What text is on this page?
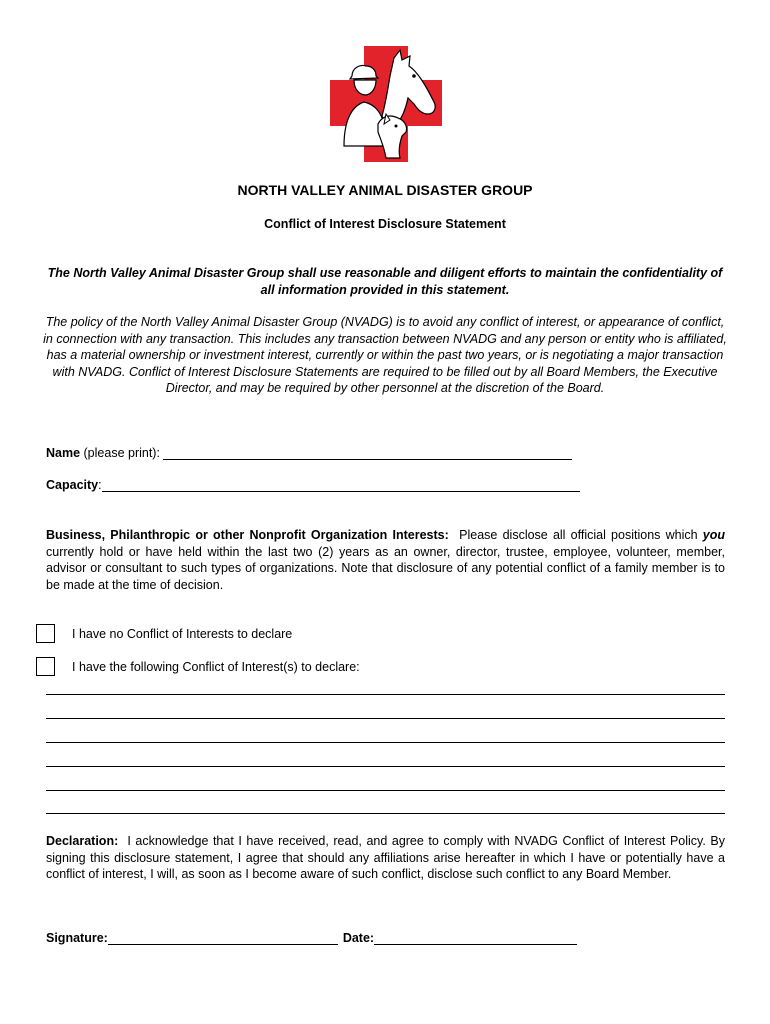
NORTH VALLEY ANIMAL DISASTER GROUP
Conflict of Interest Disclosure Statement
The North Valley Animal Disaster Group shall use reasonable and diligent efforts to maintain the confidentiality of all information provided in this statement.
The policy of the North Valley Animal Disaster Group (NVADG) is to avoid any conflict of interest, or appearance of conflict, in connection with any transaction. This includes any transaction between NVADG and any person or entity who is affiliated, has a material ownership or investment interest, currently or within the past two years, or is negotiating a major transaction with NVADG. Conflict of Interest Disclosure Statements are required to be filled out by all Board Members, the Executive Director, and may be required by other personnel at the discretion of the Board.
Name (please print):
Capacity :
Business, Philanthropic or other Nonprofit Organization Interests:  Please disclose all official positions which you currently hold or have held within the last two (2) years as an owner, director, trustee, employee, volunteer, member, advisor or consultant to such types of organizations. Note that disclosure of any potential conflict of a family member is to be made at the time of decision.
I have no Conflict of Interests to declare
I have the following Conflict of Interest(s) to declare:
Declaration:  I acknowledge that I have received, read, and agree to comply with NVADG Conflict of Interest Policy. By signing this disclosure statement, I agree that should any affiliations arise hereafter in which I have or potentially have a conflict of interest, I will, as soon as I become aware of such conflict, disclose such conflict to any Board Member.
Signature:	Date:
